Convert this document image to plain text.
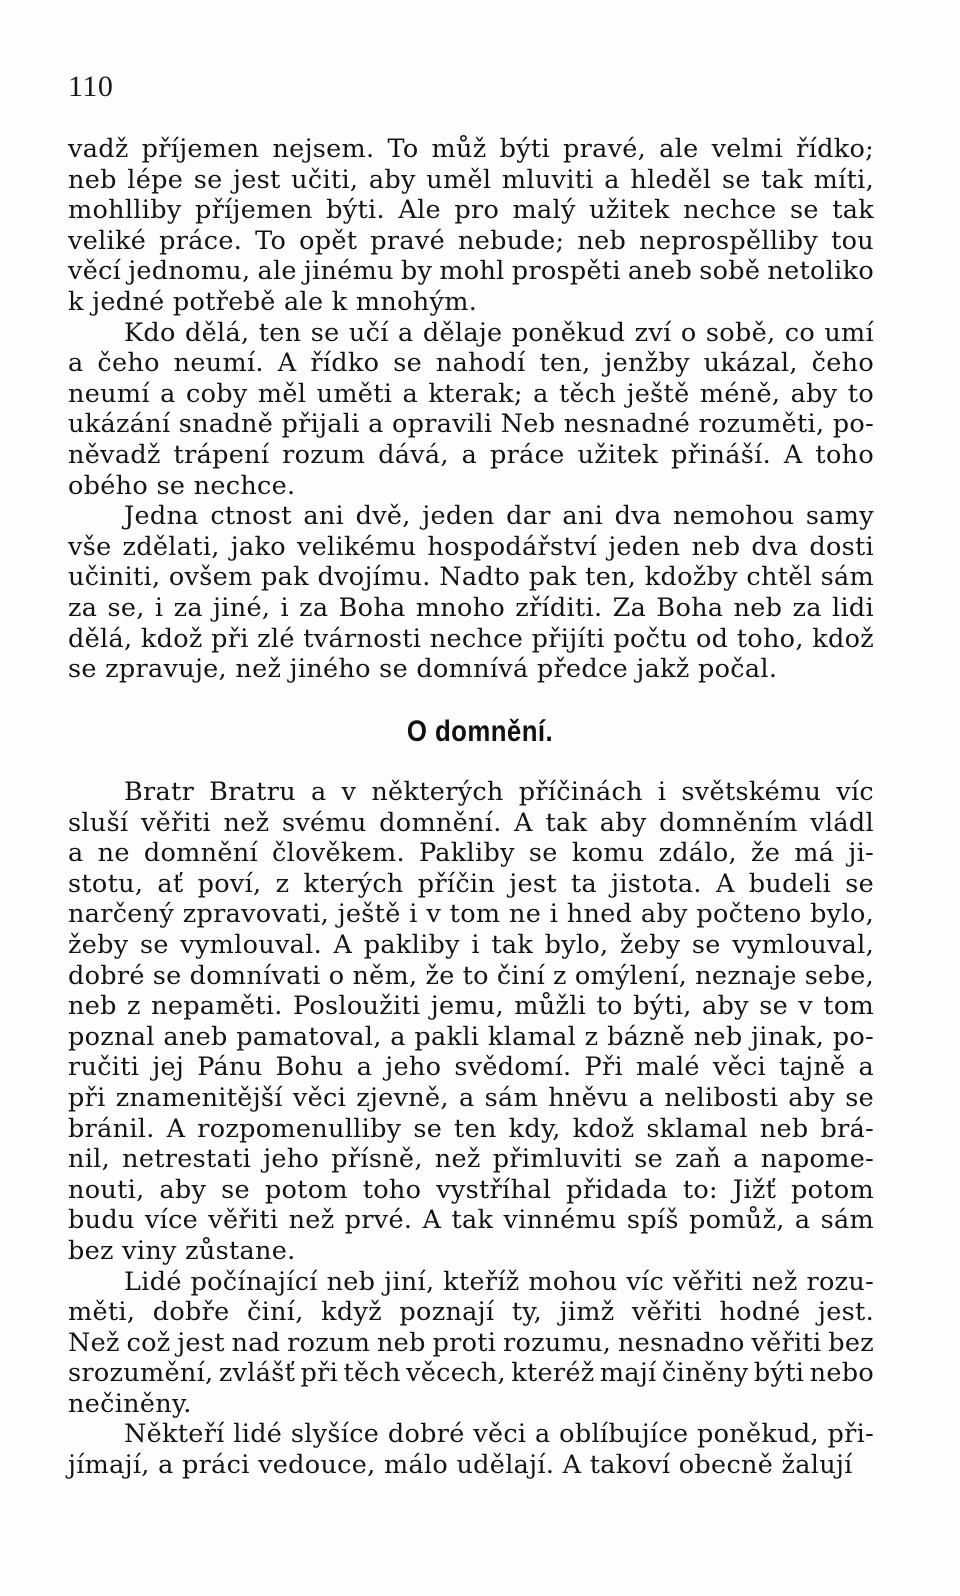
110
vadž příjemen nejsem. To můž býti pravé, ale velmi řídko;
neb lépe se jest učiti, aby uměl mluviti a hleděl se tak míti,
mohlliby příjemen býti. Ale pro malý užitek nechce se tak
veliké práce. To opět pravé nebude; neb neprospělliby tou
věcí jednomu, ale jinému by mohl prospěti aneb sobě netoliko
k jedné potřebě ale k mnohým.
Kdo dělá, ten se učí a dělaje poněkud zví o sobě, co umí
a čeho neumí. A řídko se nahodí ten, jenžby ukázal, čeho
neumí a coby měl uměti a kterak; a těch ještě méně, aby to
ukázání snadně přijali a opravili Neb nesnadné rozuměti, po-
něvadž trápení rozum dává, a práce užitek přináší. A toho
obého se nechce.
Jedna ctnost ani dvě, jeden dar ani dva nemohou samy
vše zdělati, jako velikému hospodářství jeden neb dva dosti
učiniti, ovšem pak dvojímu. Nadto pak ten, kdožby chtěl sám
za se, i za jiné, i za Boha mnoho zříditi. Za Boha neb za lidi
dělá, kdož při zlé tvárnosti nechce přijíti počtu od toho, kdož
se zpravuje, než jiného se domnívá předce jakž počal.
O domnění.
Bratr Bratru a v některých příčinách i světskému víc
sluší věřiti než svému domnění. A tak aby domněním vládl
a ne domnění člověkem. Pakliby se komu zdálo, že má ji-
stotu, ať poví, z kterých příčin jest ta jistota. A budeli se
narčený zpravovati, ještě i v tom ne i hned aby počteno bylo,
žeby se vymlouval. A pakliby i tak bylo, žeby se vymlouval,
dobré se domnívati o něm, že to činí z omýlení, neznaje sebe,
neb z nepaměti. Posloužiti jemu, můžli to býti, aby se v tom
poznal aneb pamatoval, a pakli klamal z bázně neb jinak, po-
ručiti jej Pánu Bohu a jeho svědomí. Při malé věci tajně a
při znamenitější věci zjevně, a sám hněvu a nelibosti aby se
bránil. A rozpomenulliby se ten kdy, kdož sklamal neb brá-
nil, netrestati jeho přísně, než přimluviti se zaň a napome-
nouti, aby se potom toho vystříhal přidada to: Jižť potom
budu více věřiti než prvé. A tak vinnému spíš pomůž, a sám
bez viny zůstane.
Lidé počínající neb jiní, kteříž mohou víc věřiti než rozu-
měti, dobře činí, když poznají ty, jimž věřiti hodné jest.
Než což jest nad rozum neb proti rozumu, nesnadno věřiti bez
srozumění, zvlášť při těch věcech, kteréž mají činěny býti nebo
nečiněny.
Někteří lidé slyšíce dobré věci a oblíbujíce poněkud, při-
jímají, a práci vedouce, málo udělají. A takoví obecně žalují
